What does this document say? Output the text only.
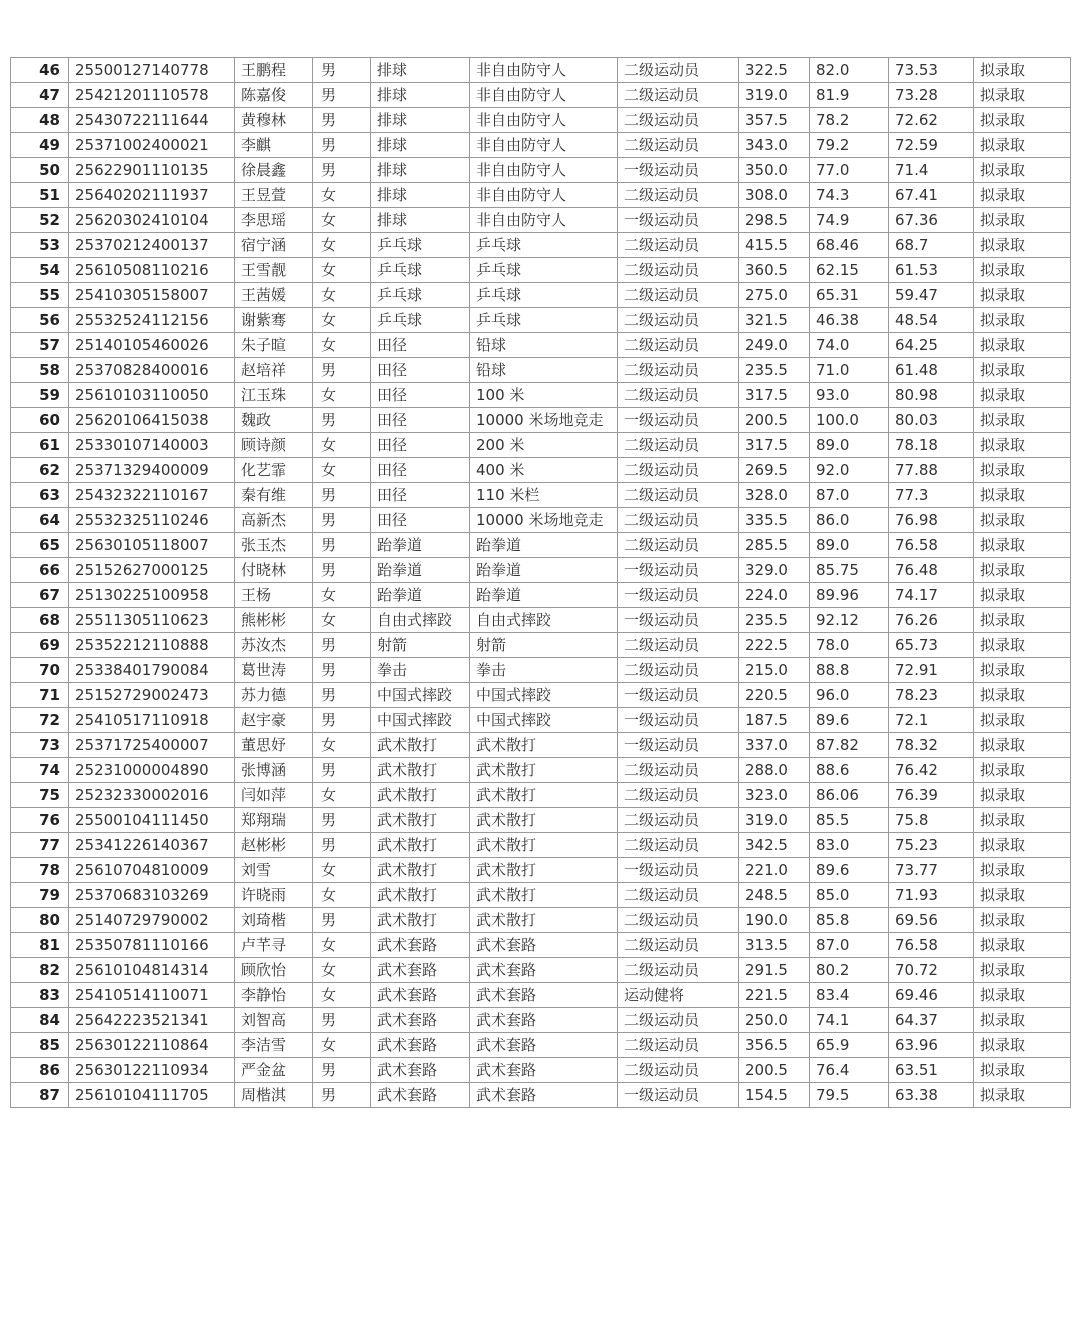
46	25500127140778	王鹏程	男	排球	非自由防守人	二级运动员	322.5	82.0	73.53	拟录取
47	25421201110578	陈嘉俊	男	排球	非自由防守人	二级运动员	319.0	81.9	73.28	拟录取
48	25430722111644	黄穆林	男	排球	非自由防守人	二级运动员	357.5	78.2	72.62	拟录取
49	25371002400021	李麒	男	排球	非自由防守人	二级运动员	343.0	79.2	72.59	拟录取
50	25622901110135	徐晨鑫	男	排球	非自由防守人	一级运动员	350.0	77.0	71.4	拟录取
51	25640202111937	王昱萱	女	排球	非自由防守人	二级运动员	308.0	74.3	67.41	拟录取
52	25620302410104	李思瑶	女	排球	非自由防守人	一级运动员	298.5	74.9	67.36	拟录取
53	25370212400137	宿宁涵	女	乒乓球	乒乓球	二级运动员	415.5	68.46	68.7	拟录取
54	25610508110216	王雪靓	女	乒乓球	乒乓球	二级运动员	360.5	62.15	61.53	拟录取
55	25410305158007	王茜媛	女	乒乓球	乒乓球	二级运动员	275.0	65.31	59.47	拟录取
56	25532524112156	谢紫骞	女	乒乓球	乒乓球	二级运动员	321.5	46.38	48.54	拟录取
57	25140105460026	朱子暄	女	田径	铅球	二级运动员	249.0	74.0	64.25	拟录取
58	25370828400016	赵培祥	男	田径	铅球	二级运动员	235.5	71.0	61.48	拟录取
59	25610103110050	江玉珠	女	田径	100 米	二级运动员	317.5	93.0	80.98	拟录取
60	25620106415038	魏政	男	田径	10000 米场地竞走	一级运动员	200.5	100.0	80.03	拟录取
61	25330107140003	顾诗颜	女	田径	200 米	二级运动员	317.5	89.0	78.18	拟录取
62	25371329400009	化艺霏	女	田径	400 米	二级运动员	269.5	92.0	77.88	拟录取
63	25432322110167	秦有维	男	田径	110 米栏	二级运动员	328.0	87.0	77.3	拟录取
64	25532325110246	高新杰	男	田径	10000 米场地竞走	二级运动员	335.5	86.0	76.98	拟录取
65	25630105118007	张玉杰	男	跆拳道	跆拳道	二级运动员	285.5	89.0	76.58	拟录取
66	25152627000125	付晓林	男	跆拳道	跆拳道	一级运动员	329.0	85.75	76.48	拟录取
67	25130225100958	王杨	女	跆拳道	跆拳道	一级运动员	224.0	89.96	74.17	拟录取
68	25511305110623	熊彬彬	女	自由式摔跤	自由式摔跤	一级运动员	235.5	92.12	76.26	拟录取
69	25352212110888	苏汝杰	男	射箭	射箭	二级运动员	222.5	78.0	65.73	拟录取
70	25338401790084	葛世涛	男	拳击	拳击	二级运动员	215.0	88.8	72.91	拟录取
71	25152729002473	苏力德	男	中国式摔跤	中国式摔跤	一级运动员	220.5	96.0	78.23	拟录取
72	25410517110918	赵宇豪	男	中国式摔跤	中国式摔跤	一级运动员	187.5	89.6	72.1	拟录取
73	25371725400007	董思妤	女	武术散打	武术散打	一级运动员	337.0	87.82	78.32	拟录取
74	25231000004890	张博涵	男	武术散打	武术散打	二级运动员	288.0	88.6	76.42	拟录取
75	25232330002016	闫如萍	女	武术散打	武术散打	二级运动员	323.0	86.06	76.39	拟录取
76	25500104111450	郑翔瑞	男	武术散打	武术散打	二级运动员	319.0	85.5	75.8	拟录取
77	25341226140367	赵彬彬	男	武术散打	武术散打	二级运动员	342.5	83.0	75.23	拟录取
78	25610704810009	刘雪	女	武术散打	武术散打	一级运动员	221.0	89.6	73.77	拟录取
79	25370683103269	许晓雨	女	武术散打	武术散打	二级运动员	248.5	85.0	71.93	拟录取
80	25140729790002	刘琦楷	男	武术散打	武术散打	二级运动员	190.0	85.8	69.56	拟录取
81	25350781110166	卢芊寻	女	武术套路	武术套路	二级运动员	313.5	87.0	76.58	拟录取
82	25610104814314	顾欣怡	女	武术套路	武术套路	二级运动员	291.5	80.2	70.72	拟录取
83	25410514110071	李静怡	女	武术套路	武术套路	运动健将	221.5	83.4	69.46	拟录取
84	25642223521341	刘智高	男	武术套路	武术套路	二级运动员	250.0	74.1	64.37	拟录取
85	25630122110864	李洁雪	女	武术套路	武术套路	二级运动员	356.5	65.9	63.96	拟录取
86	25630122110934	严金盆	男	武术套路	武术套路	二级运动员	200.5	76.4	63.51	拟录取
87	25610104111705	周楷淇	男	武术套路	武术套路	一级运动员	154.5	79.5	63.38	拟录取
